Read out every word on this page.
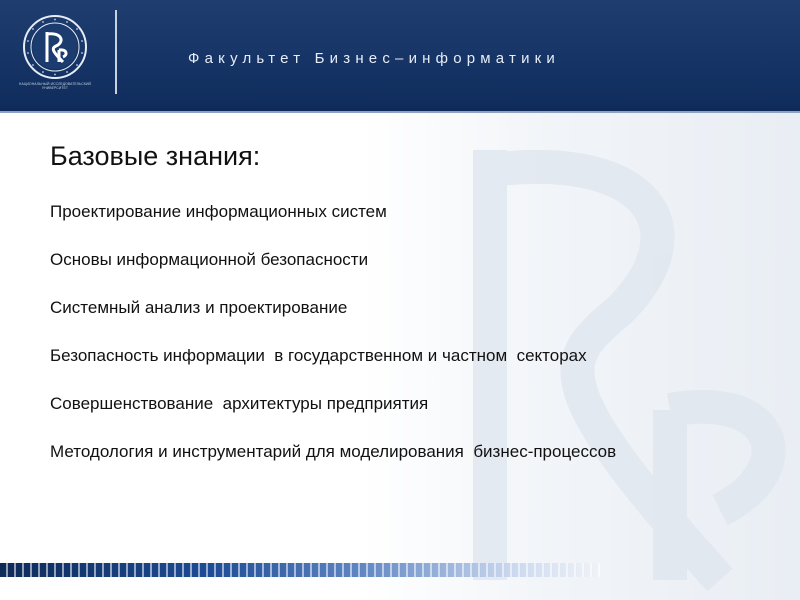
НАЦИОНАЛЬНЫЙ ИССЛЕДОВАТЕЛЬСКИЙ УНИВЕРСИТЕТ
Факультет Бизнес–информатики
Базовые знания:
Проектирование информационных систем
Основы информационной безопасности
Системный анализ и проектирование
Безопасность информации  в государственном и частном  секторах
Совершенствование  архитектуры предприятия
Методология и инструментарий для моделирования  бизнес-процессов
